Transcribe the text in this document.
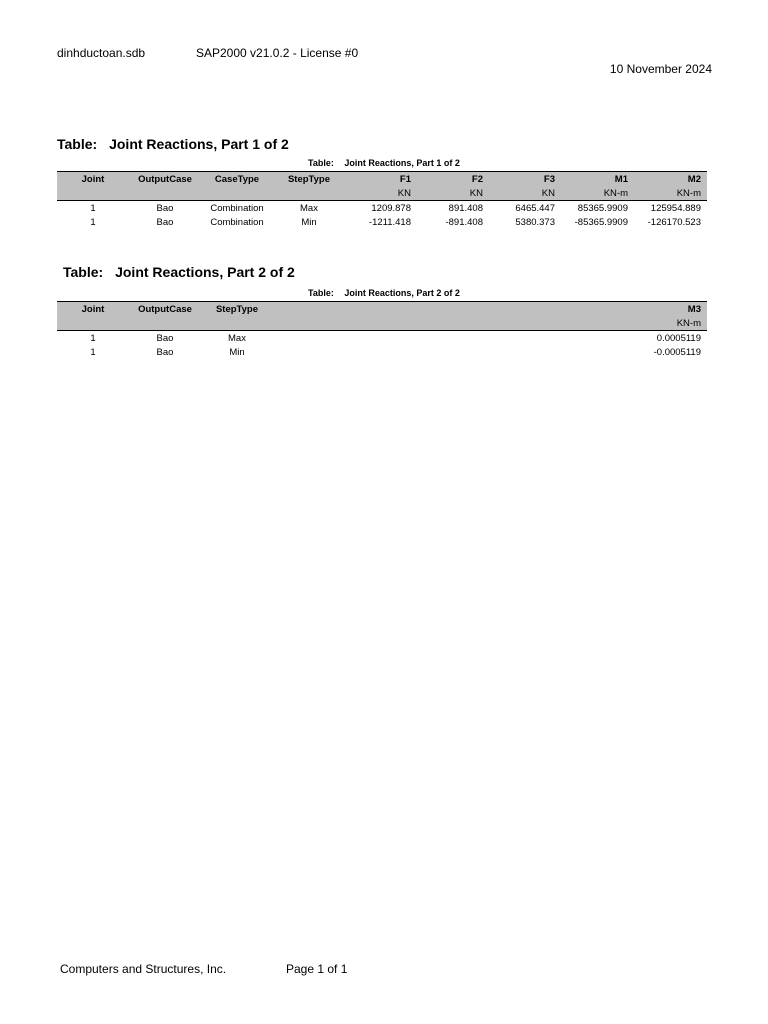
dinhductoan.sdb	SAP2000 v21.0.2 - License #0
10 November 2024
Table: Joint Reactions, Part 1 of 2
Table: Joint Reactions, Part 1 of 2
Joint	OutputCase	CaseType	StepType	F1	F2	F3	M1	M2
				KN	KN	KN	KN-m	KN-m
1	Bao	Combination	Max	1209.878	891.408	6465.447	85365.9909	125954.889
1	Bao	Combination	Min	-1211.418	-891.408	5380.373	-85365.9909	-126170.523
Table: Joint Reactions, Part 2 of 2
Table: Joint Reactions, Part 2 of 2
Joint	OutputCase	StepType	M3
			KN-m
1	Bao	Max	0.0005119
1	Bao	Min	-0.0005119
Computers and Structures, Inc.	Page 1 of 1
